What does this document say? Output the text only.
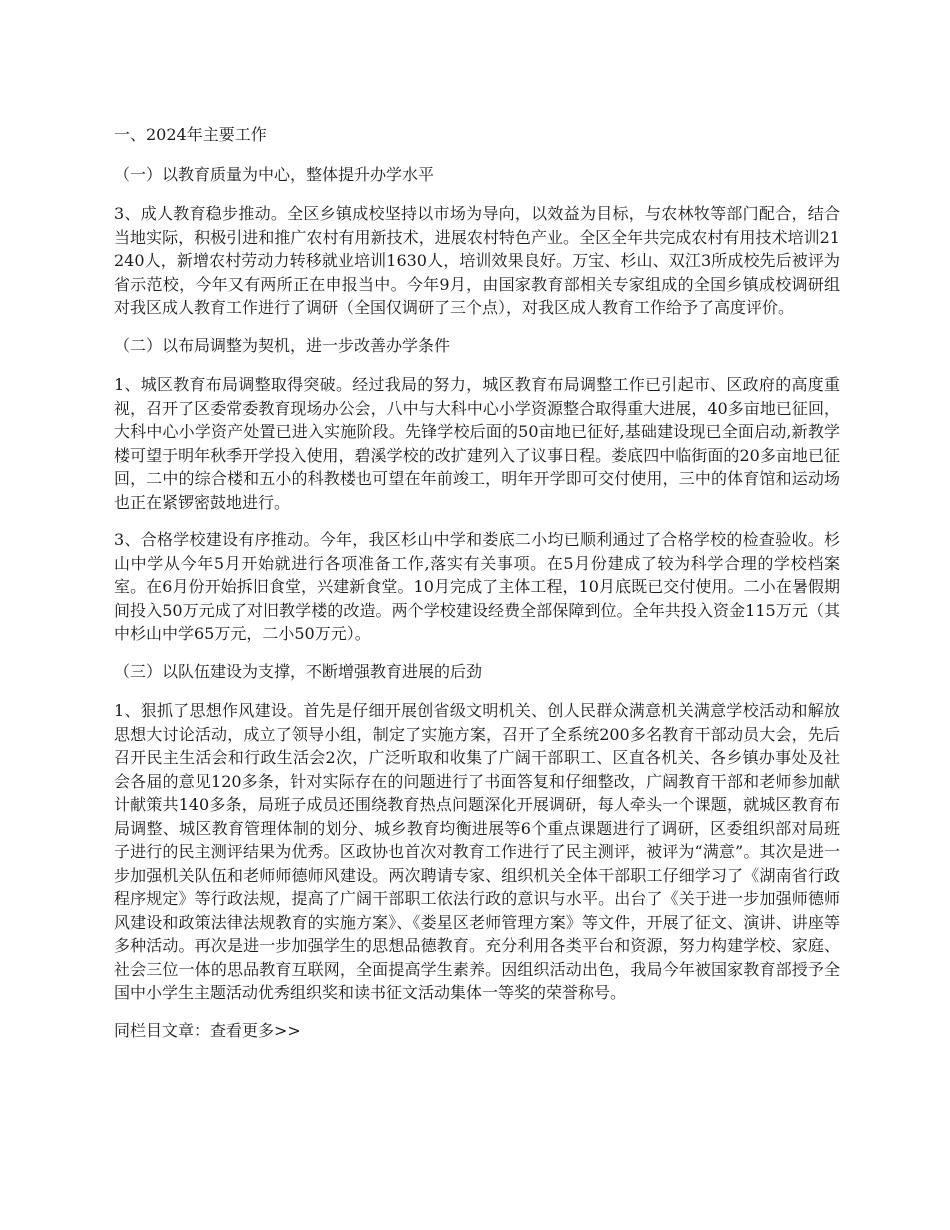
一、2024年主要工作

（一）以教育质量为中心，整体提升办学水平

3、成人教育稳步推动。全区乡镇成校坚持以市场为导向，以效益为目标，与农林牧等部门配合，结合当地实际，积极引进和推广农村有用新技术，进展农村特色产业。全区全年共完成农村有用技术培训21240人，新增农村劳动力转移就业培训1630人，培训效果良好。万宝、杉山、双江3所成校先后被评为省示范校，今年又有两所正在申报当中。今年9月，由国家教育部相关专家组成的全国乡镇成校调研组对我区成人教育工作进行了调研（全国仅调研了三个点），对我区成人教育工作给予了高度评价。

（二）以布局调整为契机，进一步改善办学条件

1、城区教育布局调整取得突破。经过我局的努力，城区教育布局调整工作已引起市、区政府的高度重视，召开了区委常委教育现场办公会，八中与大科中心小学资源整合取得重大进展，40多亩地已征回，大科中心小学资产处置已进入实施阶段。先锋学校后面的50亩地已征好,基础建设现已全面启动,新教学楼可望于明年秋季开学投入使用，碧溪学校的改扩建列入了议事日程。娄底四中临街面的20多亩地已征回，二中的综合楼和五小的科教楼也可望在年前竣工，明年开学即可交付使用，三中的体育馆和运动场也正在紧锣密鼓地进行。

3、合格学校建设有序推动。今年，我区杉山中学和娄底二小均已顺利通过了合格学校的检查验收。杉山中学从今年5月开始就进行各项准备工作,落实有关事项。在5月份建成了较为科学合理的学校档案室。在6月份开始拆旧食堂，兴建新食堂。10月完成了主体工程，10月底既已交付使用。二小在暑假期间投入50万元成了对旧教学楼的改造。两个学校建设经费全部保障到位。全年共投入资金115万元（其中杉山中学65万元，二小50万元）。

（三）以队伍建设为支撑，不断增强教育进展的后劲

1、狠抓了思想作风建设。首先是仔细开展创省级文明机关、创人民群众满意机关满意学校活动和解放思想大讨论活动，成立了领导小组，制定了实施方案，召开了全系统200多名教育干部动员大会，先后召开民主生活会和行政生活会2次，广泛听取和收集了广阔干部职工、区直各机关、各乡镇办事处及社会各届的意见120多条，针对实际存在的问题进行了书面答复和仔细整改，广阔教育干部和老师参加献计献策共140多条，局班子成员还围绕教育热点问题深化开展调研，每人牵头一个课题，就城区教育布局调整、城区教育管理体制的划分、城乡教育均衡进展等6个重点课题进行了调研，区委组织部对局班子进行的民主测评结果为优秀。区政协也首次对教育工作进行了民主测评，被评为“满意”。其次是进一步加强机关队伍和老师师德师风建设。两次聘请专家、组织机关全体干部职工仔细学习了《湖南省行政程序规定》等行政法规，提高了广阔干部职工依法行政的意识与水平。出台了《关于进一步加强师德师风建设和政策法律法规教育的实施方案》、《娄星区老师管理方案》等文件，开展了征文、演讲、讲座等多种活动。再次是进一步加强学生的思想品德教育。充分利用各类平台和资源，努力构建学校、家庭、社会三位一体的思品教育互联网，全面提高学生素养。因组织活动出色，我局今年被国家教育部授予全国中小学生主题活动优秀组织奖和读书征文活动集体一等奖的荣誉称号。

同栏目文章：查看更多>>
